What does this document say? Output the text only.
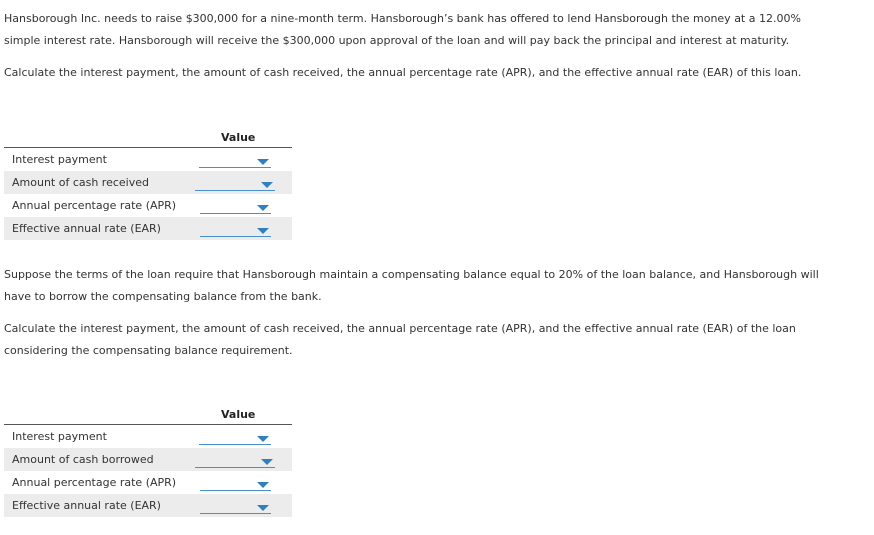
Hansborough Inc. needs to raise $300,000 for a nine-month term. Hansborough’s bank has offered to lend Hansborough the money at a 12.00%
simple interest rate. Hansborough will receive the $300,000 upon approval of the loan and will pay back the principal and interest at maturity.

Calculate the interest payment, the amount of cash received, the annual percentage rate (APR), and the effective annual rate (EAR) of this loan.

Value
Interest payment
Amount of cash received
Annual percentage rate (APR)
Effective annual rate (EAR)

Suppose the terms of the loan require that Hansborough maintain a compensating balance equal to 20% of the loan balance, and Hansborough will
have to borrow the compensating balance from the bank.

Calculate the interest payment, the amount of cash received, the annual percentage rate (APR), and the effective annual rate (EAR) of the loan
considering the compensating balance requirement.

Value
Interest payment
Amount of cash borrowed
Annual percentage rate (APR)
Effective annual rate (EAR)
